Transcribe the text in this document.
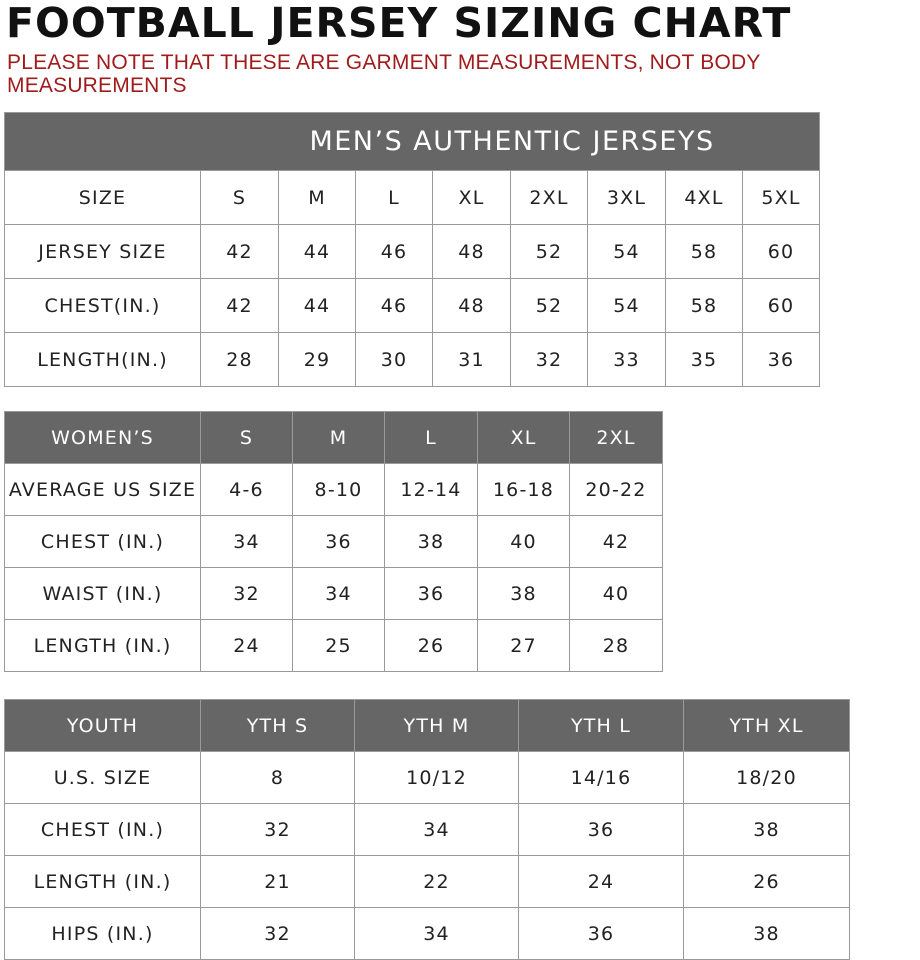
FOOTBALL JERSEY SIZING CHART
PLEASE NOTE THAT THESE ARE GARMENT MEASUREMENTS, NOT BODY MEASUREMENTS
MEN’S AUTHENTIC JERSEYS								
SIZE	S	M	L	XL	2XL	3XL	4XL	5XL
JERSEY SIZE	42	44	46	48	52	54	58	60
CHEST(IN.)	42	44	46	48	52	54	58	60
LENGTH(IN.)	28	29	30	31	32	33	35	36
WOMEN’S	S	M	L	XL	2XL
AVERAGE US SIZE	4-6	8-10	12-14	16-18	20-22
CHEST (IN.)	34	36	38	40	42
WAIST (IN.)	32	34	36	38	40
LENGTH (IN.)	24	25	26	27	28
YOUTH	YTH S	YTH M	YTH L	YTH XL
U.S. SIZE	8	10/12	14/16	18/20
CHEST (IN.)	32	34	36	38
LENGTH (IN.)	21	22	24	26
HIPS (IN.)	32	34	36	38
